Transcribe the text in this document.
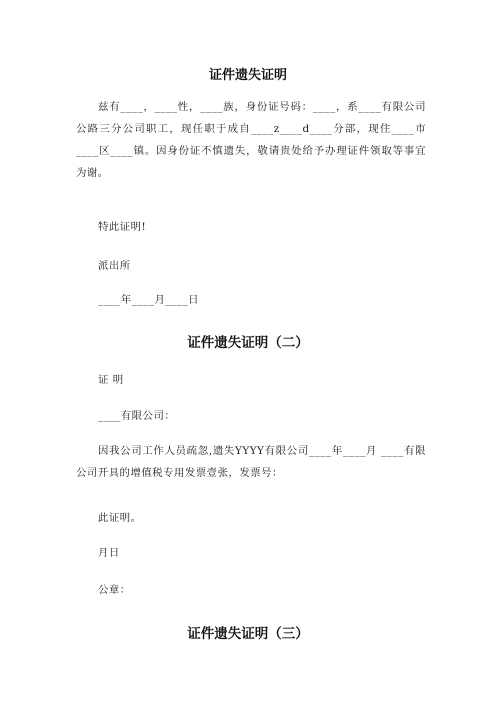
证件遗失证明

兹有____，____性，____族，身份证号码：____，系____有限公司公路三分公司职工，现任职于成自____z____d____分部，现住____市____区____镇。因身份证不慎遗失，敬请贵处给予办理证件领取等事宜为谢。

特此证明!
派出所
____年____月____日
证件遗失证明（二）
证 明
____有限公司：

因我公司工作人员疏忽,遗失YYYY有限公司____年____月 ____有限公司开具的增值税专用发票壹张，发票号：

此证明。
月日
公章：
证件遗失证明（三）
